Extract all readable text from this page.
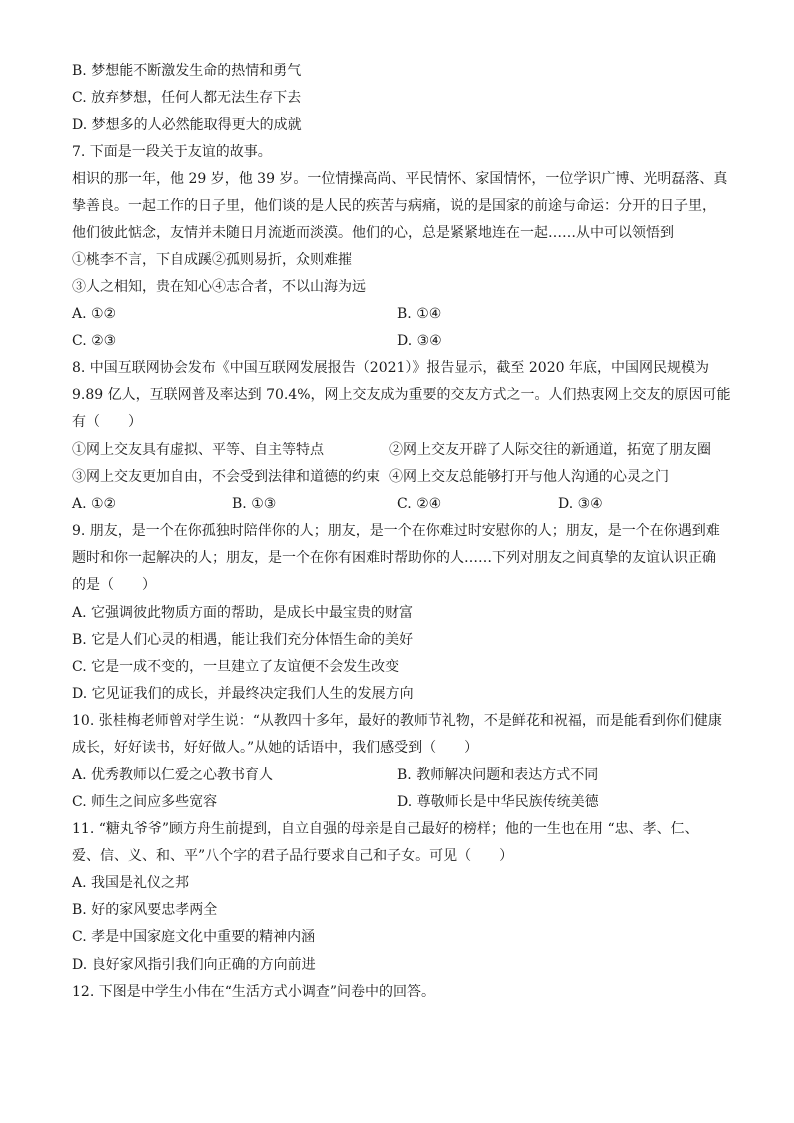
B. 梦想能不断激发生命的热情和勇气
C. 放弃梦想，任何人都无法生存下去
D. 梦想多的人必然能取得更大的成就
7. 下面是一段关于友谊的故事。
相识的那一年，他 29 岁，他 39 岁。一位情操高尚、平民情怀、家国情怀，一位学识广博、光明磊落、真
挚善良。一起工作的日子里，他们谈的是人民的疾苦与病痛，说的是国家的前途与命运：分开的日子里，
他们彼此惦念，友情并未随日月流逝而淡漠。他们的心，总是紧紧地连在一起……从中可以领悟到
①桃李不言，下自成蹊②孤则易折，众则难摧
③人之相知，贵在知心④志合者，不以山海为远
A. ①②	B. ①④
C. ②③	D. ③④
8. 中国互联网协会发布《中国互联网发展报告（2021）》报告显示，截至 2020 年底，中国网民规模为
9.89 亿人，互联网普及率达到 70.4%，网上交友成为重要的交友方式之一。人们热衷网上交友的原因可能
有（　　）
①网上交友具有虚拟、平等、自主等特点	②网上交友开辟了人际交往的新通道，拓宽了朋友圈
③网上交友更加自由，不会受到法律和道德的约束 ④网上交友总能够打开与他人沟通的心灵之门
A. ①②	B. ①③	C. ②④	D. ③④
9. 朋友，是一个在你孤独时陪伴你的人；朋友，是一个在你难过时安慰你的人；朋友，是一个在你遇到难
题时和你一起解决的人；朋友，是一个在你有困难时帮助你的人……下列对朋友之间真挚的友谊认识正确
的是（　　）
A. 它强调彼此物质方面的帮助，是成长中最宝贵的财富
B. 它是人们心灵的相遇，能让我们充分体悟生命的美好
C. 它是一成不变的，一旦建立了友谊便不会发生改变
D. 它见证我们的成长，并最终决定我们人生的发展方向
10. 张桂梅老师曾对学生说：“从教四十多年，最好的教师节礼物，不是鲜花和祝福，而是能看到你们健康
成长，好好读书，好好做人。”从她的话语中，我们感受到（　　）
A. 优秀教师以仁爱之心教书育人	B. 教师解决问题和表达方式不同
C. 师生之间应多些宽容	D. 尊敬师长是中华民族传统美德
11. “糖丸爷爷”顾方舟生前提到，自立自强的母亲是自己最好的榜样；他的一生也在用 “忠、孝、仁、
爱、信、义、和、平”八个字的君子品行要求自己和子女。可见（　　）
A. 我国是礼仪之邦
B. 好的家风要忠孝两全
C. 孝是中国家庭文化中重要的精神内涵
D. 良好家风指引我们向正确的方向前进
12. 下图是中学生小伟在“生活方式小调查”问卷中的回答。
